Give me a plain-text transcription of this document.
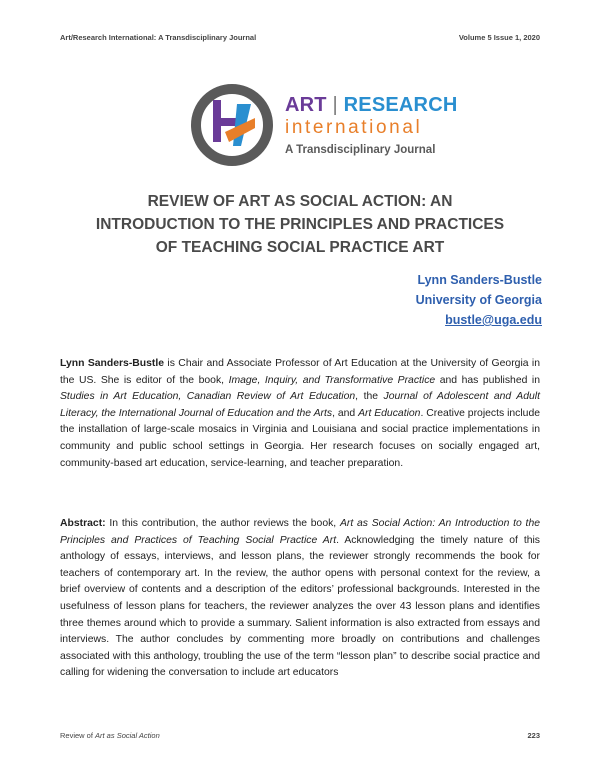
Art/Research International: A Transdisciplinary Journal	Volume 5 Issue 1, 2020
ART | RESEARCH
international
A Transdisciplinary Journal
REVIEW OF ART AS SOCIAL ACTION: AN
INTRODUCTION TO THE PRINCIPLES AND PRACTICES
OF TEACHING SOCIAL PRACTICE ART
Lynn Sanders-Bustle
University of Georgia
bustle@uga.edu

Lynn Sanders-Bustle is Chair and Associate Professor of Art Education at the University of Georgia in the US. She is editor of the book, Image, Inquiry, and Transformative Practice and has published in Studies in Art Education, Canadian Review of Art Education, the Journal of Adolescent and Adult Literacy, the International Journal of Education and the Arts, and Art Education. Creative projects include the installation of large-scale mosaics in Virginia and Louisiana and social practice implementations in community and public school settings in Georgia. Her research focuses on socially engaged art, community-based art education, service-learning, and teacher preparation.

Abstract: In this contribution, the author reviews the book, Art as Social Action: An Introduction to the Principles and Practices of Teaching Social Practice Art. Acknowledging the timely nature of this anthology of essays, interviews, and lesson plans, the reviewer strongly recommends the book for teachers of contemporary art. In the review, the author opens with personal context for the review, a brief overview of contents and a description of the editors’ professional backgrounds. Interested in the usefulness of lesson plans for teachers, the reviewer analyzes the over 43 lesson plans and identifies three themes around which to provide a summary. Salient information is also extracted from essays and interviews. The author concludes by commenting more broadly on contributions and challenges associated with this anthology, troubling the use of the term “lesson plan” to describe social practice and calling for widening the conversation to include art educators

Review of Art as Social Action	223
